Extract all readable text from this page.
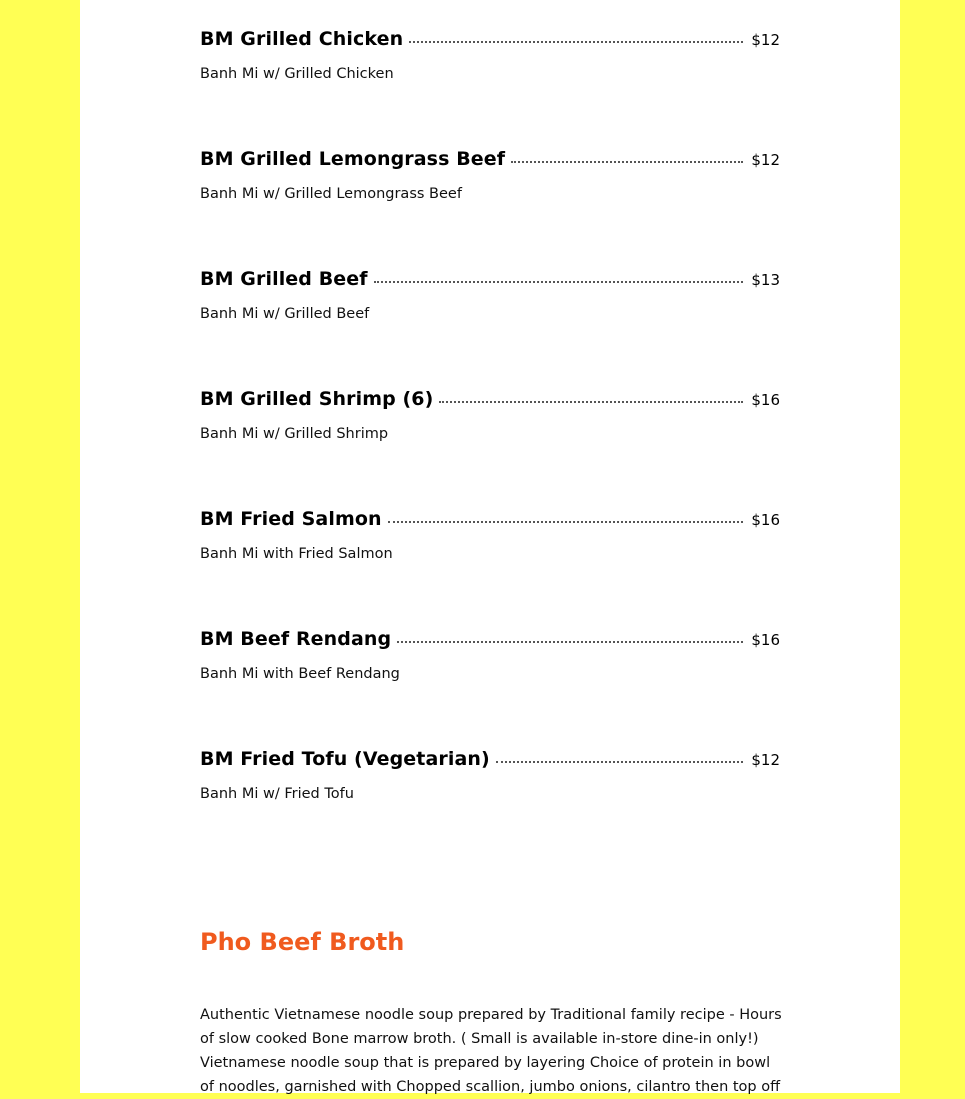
BM Grilled Chicken	$12
Banh Mi w/ Grilled Chicken
BM Grilled Lemongrass Beef	$12
Banh Mi w/ Grilled Lemongrass Beef
BM Grilled Beef	$13
Banh Mi w/ Grilled Beef
BM Grilled Shrimp (6)	$16
Banh Mi w/ Grilled Shrimp
BM Fried Salmon	$16
Banh Mi with Fried Salmon
BM Beef Rendang	$16
Banh Mi with Beef Rendang
BM Fried Tofu (Vegetarian)	$12
Banh Mi w/ Fried Tofu
Pho Beef Broth

Authentic Vietnamese noodle soup prepared by Traditional family recipe - Hours of slow cooked Bone marrow broth. ( Small is available in-store dine-in only!) Vietnamese noodle soup that is prepared by layering Choice of protein in bowl of noodles, garnished with Chopped scallion, jumbo onions, cilantro then top off
